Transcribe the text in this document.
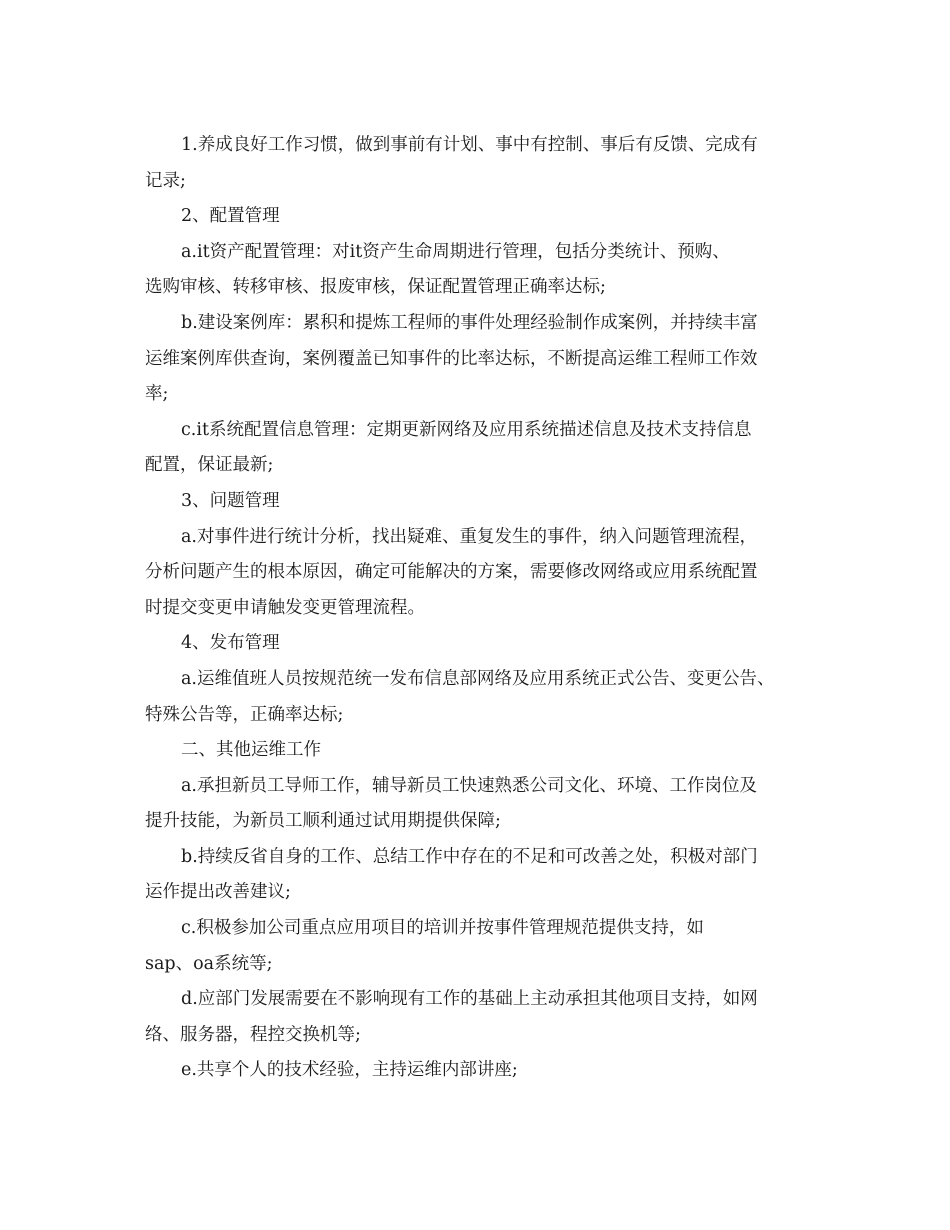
1.养成良好工作习惯，做到事前有计划、事中有控制、事后有反馈、完成有
记录;
2、配置管理
a.it资产配置管理：对it资产生命周期进行管理，包括分类统计、预购、
选购审核、转移审核、报废审核，保证配置管理正确率达标;
b.建设案例库：累积和提炼工程师的事件处理经验制作成案例，并持续丰富
运维案例库供查询，案例覆盖已知事件的比率达标，不断提高运维工程师工作效
率;
c.it系统配置信息管理：定期更新网络及应用系统描述信息及技术支持信息
配置，保证最新;
3、问题管理
a.对事件进行统计分析，找出疑难、重复发生的事件，纳入问题管理流程，
分析问题产生的根本原因，确定可能解决的方案，需要修改网络或应用系统配置
时提交变更申请触发变更管理流程。
4、发布管理
a.运维值班人员按规范统一发布信息部网络及应用系统正式公告、变更公告、
特殊公告等，正确率达标;
二、其他运维工作
a.承担新员工导师工作，辅导新员工快速熟悉公司文化、环境、工作岗位及
提升技能，为新员工顺利通过试用期提供保障;
b.持续反省自身的工作、总结工作中存在的不足和可改善之处，积极对部门
运作提出改善建议;
c.积极参加公司重点应用项目的培训并按事件管理规范提供支持，如
sap、oa系统等;
d.应部门发展需要在不影响现有工作的基础上主动承担其他项目支持，如网
络、服务器，程控交换机等;
e.共享个人的技术经验，主持运维内部讲座;
